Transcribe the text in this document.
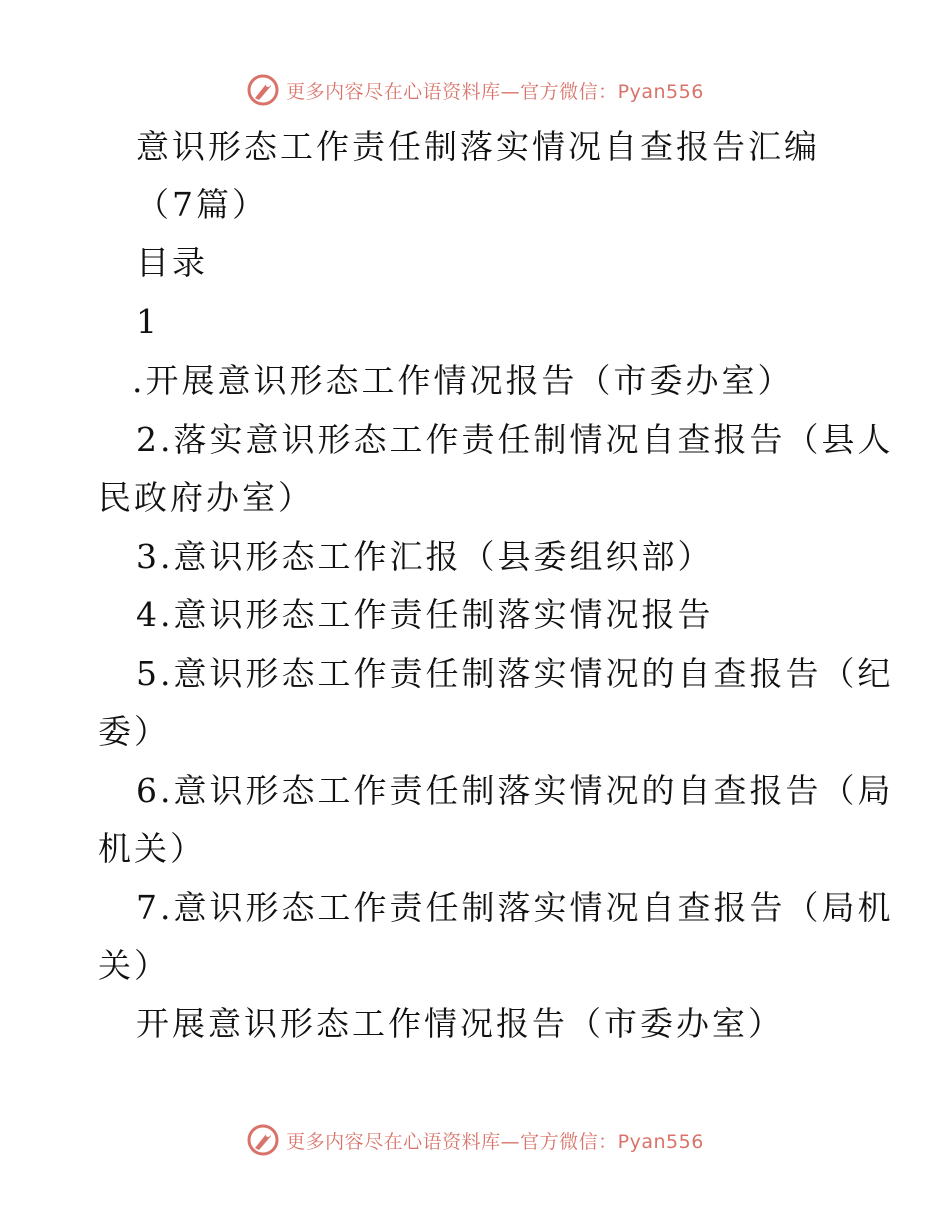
更多内容尽在心语资料库—官方微信：Pyan556
意识形态工作责任制落实情况自查报告汇编
（7篇）
目录
1
.开展意识形态工作情况报告（市委办室）
2.落实意识形态工作责任制情况自查报告（县人
民政府办室）
3.意识形态工作汇报（县委组织部）
4.意识形态工作责任制落实情况报告
5.意识形态工作责任制落实情况的自查报告（纪
委）
6.意识形态工作责任制落实情况的自查报告（局
机关）
7.意识形态工作责任制落实情况自查报告（局机
关）
开展意识形态工作情况报告（市委办室）
更多内容尽在心语资料库—官方微信：Pyan556
